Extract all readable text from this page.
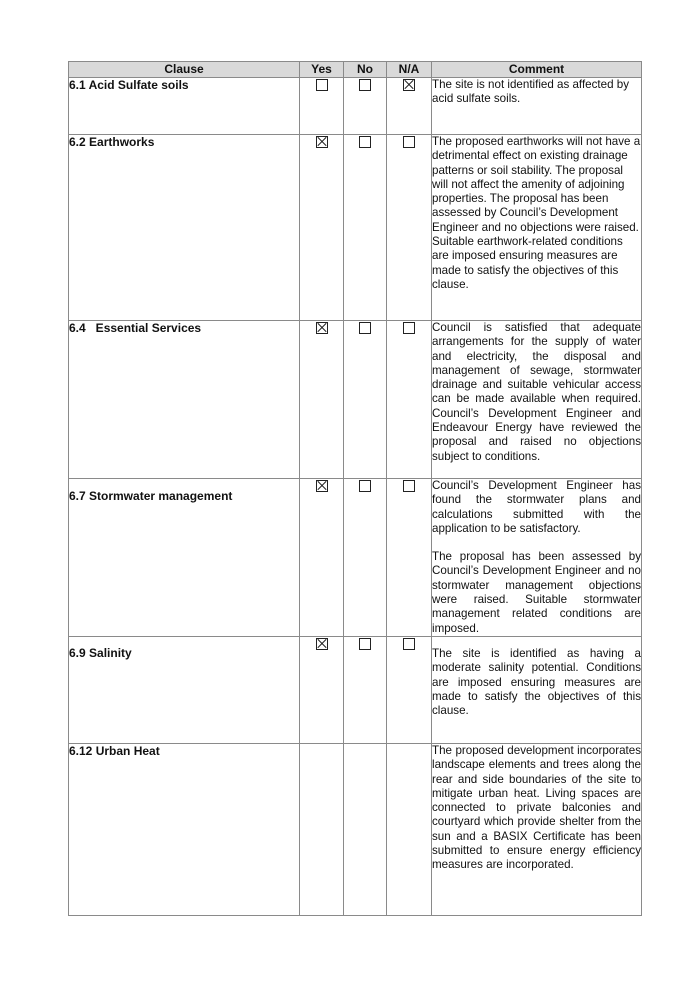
Clause	Yes	No	N/A	Comment
6.1 Acid Sulfate soils				The site is not identified as affected by acid sulfate soils.

6.2 Earthworks				The proposed earthworks will not have a detrimental effect on existing drainage patterns or soil stability. The proposal will not affect the amenity of adjoining properties. The proposal has been assessed by Council’s Development Engineer and no objections were raised. Suitable earthwork-related conditions are imposed ensuring measures are made to satisfy the objectives of this clause.

6.4   Essential Services				Council is satisfied that adequate arrangements for the supply of water and electricity, the disposal and management of sewage, stormwater drainage and suitable vehicular access can be made available when required. Council’s Development Engineer and Endeavour Energy have reviewed the proposal and raised no objections subject to conditions.

6.7 Stormwater management				Council’s Development Engineer has found the stormwater plans and calculations submitted with the application to be satisfactory.
The proposal has been assessed by Council’s Development Engineer and no stormwater management objections were raised. Suitable stormwater management related conditions are imposed.

6.9 Salinity				The site is identified as having a moderate salinity potential. Conditions are imposed ensuring measures are made to satisfy the objectives of this clause.

6.12 Urban Heat				The proposed development incorporates landscape elements and trees along the rear and side boundaries of the site to mitigate urban heat. Living spaces are connected to private balconies and courtyard which provide shelter from the sun and a BASIX Certificate has been submitted to ensure energy efficiency measures are incorporated.
